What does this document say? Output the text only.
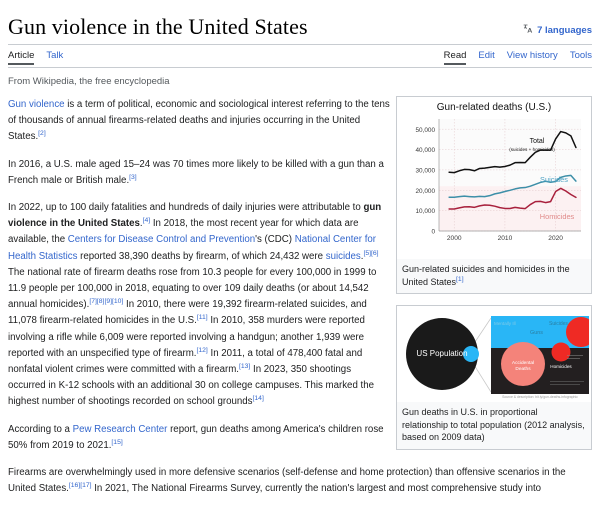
Gun violence in the United States	7 languages
Article Talk	Read Edit View history Tools
From Wikipedia, the free encyclopedia

Gun violence is a term of political, economic and sociological interest referring to the tens of thousands of annual firearms-related deaths and injuries occurring in the United States.[2]

In 2016, a U.S. male aged 15–24 was 70 times more likely to be killed with a gun than a French male or British male.[3]

In 2022, up to 100 daily fatalities and hundreds of daily injuries were attributable to gun violence in the United States.[4] In 2018, the most recent year for which data are available, the Centers for Disease Control and Prevention's (CDC) National Center for Health Statistics reported 38,390 deaths by firearm, of which 24,432 were suicides.[5][6] The national rate of firearm deaths rose from 10.3 people for every 100,000 in 1999 to 11.9 people per 100,000 in 2018, equating to over 109 daily deaths (or about 14,542 annual homicides).[7][8][9][10] In 2010, there were 19,392 firearm-related suicides, and 11,078 firearm-related homicides in the U.S.[11] In 2010, 358 murders were reported involving a rifle while 6,009 were reported involving a handgun; another 1,939 were reported with an unspecified type of firearm.[12] In 2011, a total of 478,400 fatal and nonfatal violent crimes were committed with a firearm.[13] In 2023, 350 shootings occurred in K-12 schools with an additional 30 on college campuses. This marked the highest number of shootings recorded on school grounds[14]

According to a Pew Research Center report, gun deaths among America's children rose 50% from 2019 to 2021.[15]

Firearms are overwhelmingly used in more defensive scenarios (self-defense and home protection) than offensive scenarios in the United States.[16][17] In 2021, The National Firearms Survey, currently the nation's largest and most comprehensive study into

Gun-related deaths (U.S.)
0
10,000
20,000
30,000
40,000
50,000
2000	2010	2020
Total
(suicides + homicides)
Suicides
Homicides
Gun-related suicides and homicides in the United States[1]
US Population
Mentally Ill
Guns
Suicides
Accidental
Deaths
Homicides
Source & description: bit.ly/gun-deaths-infographic
Gun deaths in U.S. in proportional relationship to total population (2012 analysis, based on 2009 data)
